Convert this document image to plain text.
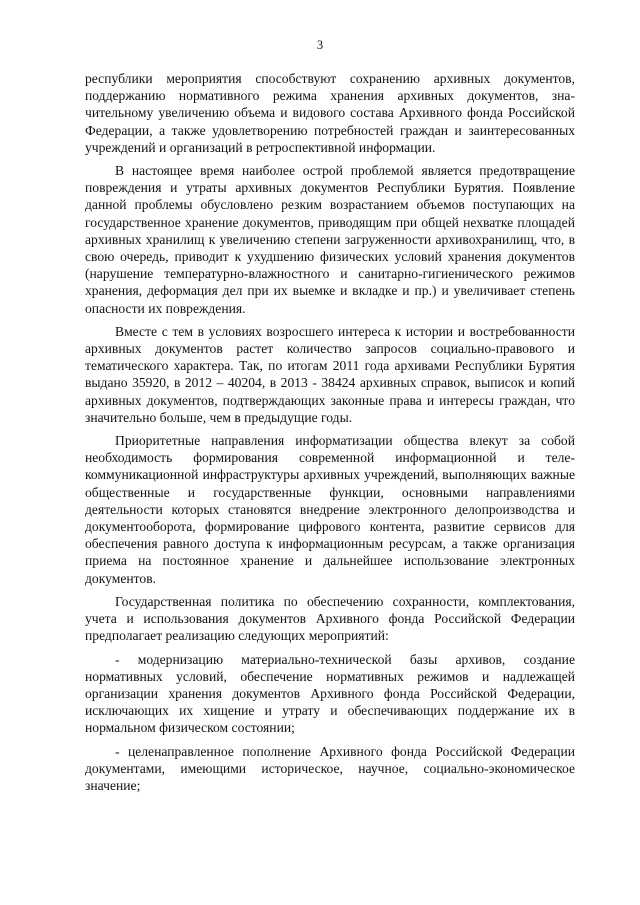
3

республики мероприятия способствуют сохранению архивных документов, поддержанию нормативного режима хранения архивных документов, значительному увеличению объема и видового состава Архивного фонда Российской Федерации, а также удовлетворению потребностей граждан и заинтересованных учреждений и организаций в ретроспективной информации.

В настоящее время наиболее острой проблемой является предотвращение повреждения и утраты архивных документов Республики Бурятия. Появление данной проблемы обусловлено резким возрастанием объемов поступающих на государственное хранение документов, приводящим при общей нехватке площадей архивных хранилищ к увеличению степени загруженности архивохранилищ, что, в свою очередь, приводит к ухудшению физических условий хранения документов (нарушение температурно-влажностного и санитарно-гигиенического режимов хранения, деформация дел при их выемке и вкладке и пр.) и увеличивает степень опасности их повреждения.

Вместе с тем в условиях возросшего интереса к истории и востребованности архивных документов растет количество запросов социально-правового и тематического характера. Так, по итогам 2011 года архивами Республики Бурятия выдано 35920, в 2012 – 40204, в 2013 - 38424 архивных справок, выписок и копий архивных документов, подтверждающих законные права и интересы граждан, что значительно больше, чем в предыдущие годы.

Приоритетные направления информатизации общества влекут за собой необходимость формирования современной информационной и телекоммуникационной инфраструктуры архивных учреждений, выполняющих важные общественные и государственные функции, основными направлениями деятельности которых становятся внедрение электронного делопроизводства и документооборота, формирование цифрового контента, развитие сервисов для обеспечения равного доступа к информационным ресурсам, а также организация приема на постоянное хранение и дальнейшее использование электронных документов.

Государственная политика по обеспечению сохранности, комплектования, учета и использования документов Архивного фонда Российской Федерации предполагает реализацию следующих мероприятий:

- модернизацию материально-технической базы архивов, создание нормативных условий, обеспечение нормативных режимов и надлежащей организации хранения документов Архивного фонда Российской Федерации, исключающих их хищение и утрату и обеспечивающих поддержание их в нормальном физическом состоянии;

- целенаправленное пополнение Архивного фонда Российской Федерации документами, имеющими историческое, научное, социально-экономическое значение;
